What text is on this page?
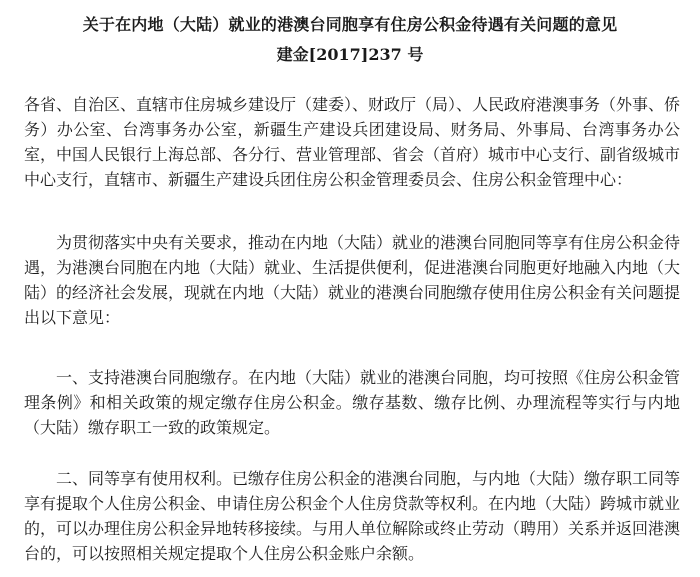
关于在内地（大陆）就业的港澳台同胞享有住房公积金待遇有关问题的意见
建金[2017]237 号

各省、自治区、直辖市住房城乡建设厅（建委）、财政厅（局）、人民政府港澳事务（外事、侨务）办公室、台湾事务办公室，新疆生产建设兵团建设局、财务局、外事局、台湾事务办公室，中国人民银行上海总部、各分行、营业管理部、省会（首府）城市中心支行、副省级城市中心支行，直辖市、新疆生产建设兵团住房公积金管理委员会、住房公积金管理中心：

为贯彻落实中央有关要求，推动在内地（大陆）就业的港澳台同胞同等享有住房公积金待遇，为港澳台同胞在内地（大陆）就业、生活提供便利，促进港澳台同胞更好地融入内地（大陆）的经济社会发展，现就在内地（大陆）就业的港澳台同胞缴存使用住房公积金有关问题提出以下意见：

一、支持港澳台同胞缴存。在内地（大陆）就业的港澳台同胞，均可按照《住房公积金管理条例》和相关政策的规定缴存住房公积金。缴存基数、缴存比例、办理流程等实行与内地（大陆）缴存职工一致的政策规定。

二、同等享有使用权利。已缴存住房公积金的港澳台同胞，与内地（大陆）缴存职工同等享有提取个人住房公积金、申请住房公积金个人住房贷款等权利。在内地（大陆）跨城市就业的，可以办理住房公积金异地转移接续。与用人单位解除或终止劳动（聘用）关系并返回港澳台的，可以按照相关规定提取个人住房公积金账户余额。
